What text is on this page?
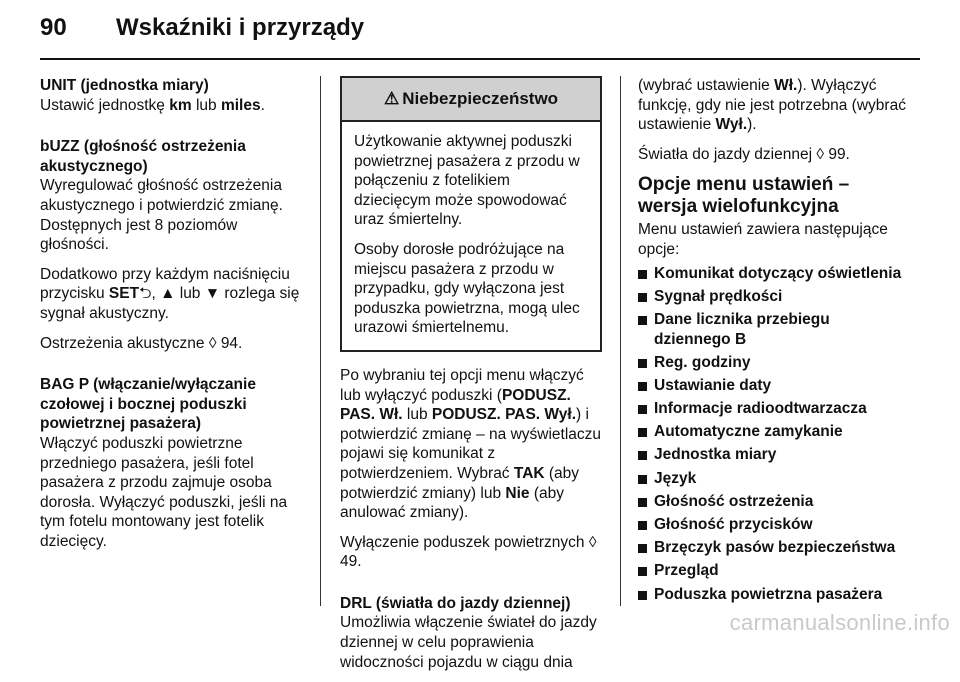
90 Wskaźniki i przyrządy

UNIT (jednostka miary)

Ustawić jednostkę km lub miles.

bUZZ (głośność ostrzeżenia akustycznego)

Wyregulować głośność ostrzeżenia akustycznego i potwierdzić zmianę. Dostępnych jest 8 poziomów głośności.

Dodatkowo przy każdym naciśnięciu przycisku SET⮌, ▲ lub ▼ rozlega się sygnał akustyczny.

Ostrzeżenia akustyczne ◊ 94.

BAG P (włączanie/wyłączanie czołowej i bocznej poduszki powietrznej pasażera)

Włączyć poduszki powietrzne przedniego pasażera, jeśli fotel pasażera z przodu zajmuje osoba dorosła. Wyłączyć poduszki, jeśli na tym fotelu montowany jest fotelik dziecięcy.

⚠ Niebezpieczeństwo

Użytkowanie aktywnej poduszki powietrznej pasażera z przodu w połączeniu z fotelikiem dziecięcym może spowodować uraz śmiertelny.

Osoby dorosłe podróżujące na miejscu pasażera z przodu w przypadku, gdy wyłączona jest poduszka powietrzna, mogą ulec urazowi śmiertelnemu.

Po wybraniu tej opcji menu włączyć lub wyłączyć poduszki (PODUSZ. PAS. Wł. lub PODUSZ. PAS. Wył.) i potwierdzić zmianę – na wyświetlaczu pojawi się komunikat z potwierdzeniem. Wybrać TAK (aby potwierdzić zmiany) lub Nie (aby anulować zmiany).

Wyłączenie poduszek powietrznych ◊ 49.

DRL (światła do jazdy dziennej)

Umożliwia włączenie świateł do jazdy dziennej w celu poprawienia widoczności pojazdu w ciągu dnia

(wybrać ustawienie Wł.). Wyłączyć funkcję, gdy nie jest potrzebna (wybrać ustawienie Wył.).

Światła do jazdy dziennej ◊ 99.

Opcje menu ustawień – wersja wielofunkcyjna

Menu ustawień zawiera następujące opcje:

Komunikat dotyczący oświetlenia
Sygnał prędkości
Dane licznika przebiegu dziennego B
Reg. godziny
Ustawianie daty
Informacje radioodtwarzacza
Automatyczne zamykanie
Jednostka miary
Język
Głośność ostrzeżenia
Głośność przycisków
Brzęczyk pasów bezpieczeństwa
Przegląd
Poduszka powietrzna pasażera
carmanualsonline.info
